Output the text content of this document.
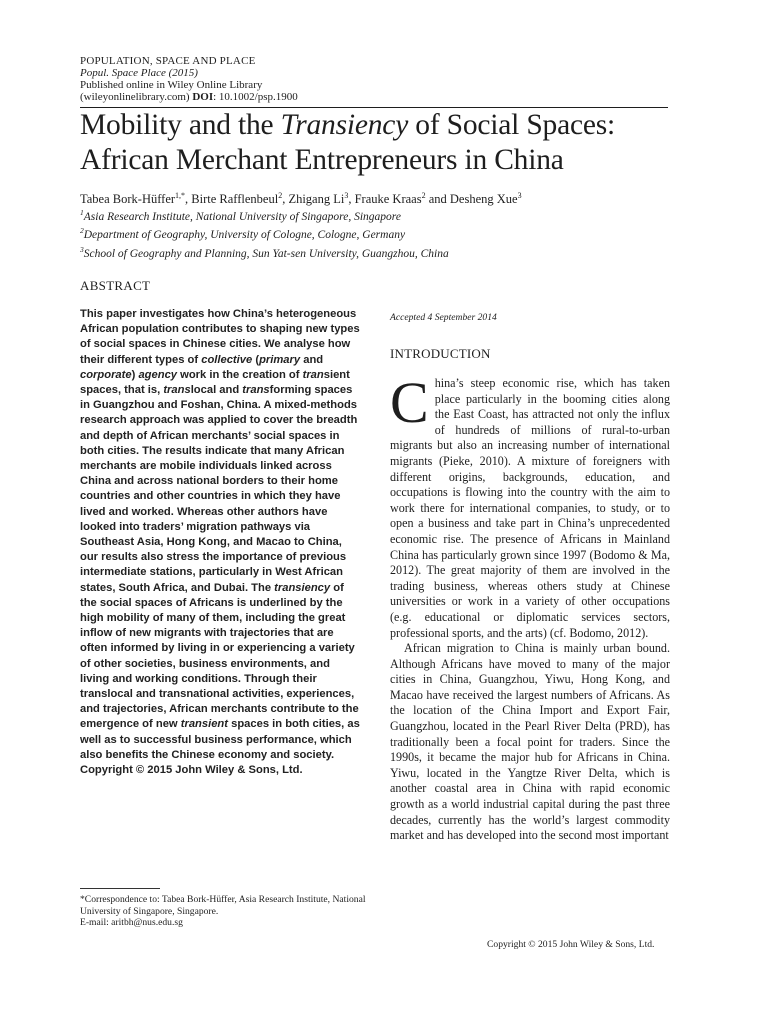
POPULATION, SPACE AND PLACE
Popul. Space Place (2015)
Published online in Wiley Online Library
(wileyonlinelibrary.com) DOI: 10.1002/psp.1900
Mobility and the Transiency of Social Spaces:
African Merchant Entrepreneurs in China
Tabea Bork-Hüffer$^{1,*}$, Birte Rafflenbeul$^2$, Zhigang Li$^3$, Frauke Kraas$^2$ and Desheng Xue$^3$
$^1$Asia Research Institute, National University of Singapore, Singapore
$^2$Department of Geography, University of Cologne, Cologne, Germany
$^3$School of Geography and Planning, Sun Yat-sen University, Guangzhou, China
ABSTRACT
This paper investigates how China’s heterogeneous African population contributes to shaping new types of social spaces in Chinese cities. We analyse how their different types of collective (primary and corporate) agency work in the creation of transient spaces, that is, translocal and transforming spaces in Guangzhou and Foshan, China. A mixed-methods research approach was applied to cover the breadth and depth of African merchants’ social spaces in both cities. The results indicate that many African merchants are mobile individuals linked across China and across national borders to their home countries and other countries in which they have lived and worked. Whereas other authors have looked into traders’ migration pathways via Southeast Asia, Hong Kong, and Macao to China, our results also stress the importance of previous intermediate stations, particularly in West African states, South Africa, and Dubai. The transiency of the social spaces of Africans is underlined by the high mobility of many of them, including the great inflow of new migrants with trajectories that are often informed by living in or experiencing a variety of other societies, business environments, and living and working conditions. Through their translocal and transnational activities, experiences, and trajectories, African merchants contribute to the emergence of new transient spaces in both cities, as well as to successful business performance, which also benefits the Chinese economy and society. Copyright © 2015 John Wiley & Sons, Ltd.
*Correspondence to: Tabea Bork-Hüffer, Asia Research Institute, National University of Singapore, Singapore.
E-mail: aritbh@nus.edu.sg
Accepted 4 September 2014
INTRODUCTION

China’s steep economic rise, which has taken place particularly in the booming cities along the East Coast, has attracted not only the influx of hundreds of millions of rural-to-urban migrants but also an increasing number of international migrants (Pieke, 2010). A mixture of foreigners with different origins, backgrounds, education, and occupations is flowing into the country with the aim to work there for international companies, to study, or to open a business and take part in China’s unprecedented economic rise. The presence of Africans in Mainland China has particularly grown since 1997 (Bodomo & Ma, 2012). The great majority of them are involved in the trading business, whereas others study at Chinese universities or work in a variety of other occupations (e.g. educational or diplomatic services sectors, professional sports, and the arts) (cf. Bodomo, 2012).

African migration to China is mainly urban bound. Although Africans have moved to many of the major cities in China, Guangzhou, Yiwu, Hong Kong, and Macao have received the largest numbers of Africans. As the location of the China Import and Export Fair, Guangzhou, located in the Pearl River Delta (PRD), has traditionally been a focal point for traders. Since the 1990s, it became the major hub for Africans in China. Yiwu, located in the Yangtze River Delta, which is another coastal area in China with rapid economic growth as a world industrial capital during the past three decades, currently has the world’s largest commodity market and has developed into the second most important

Copyright © 2015 John Wiley & Sons, Ltd.
